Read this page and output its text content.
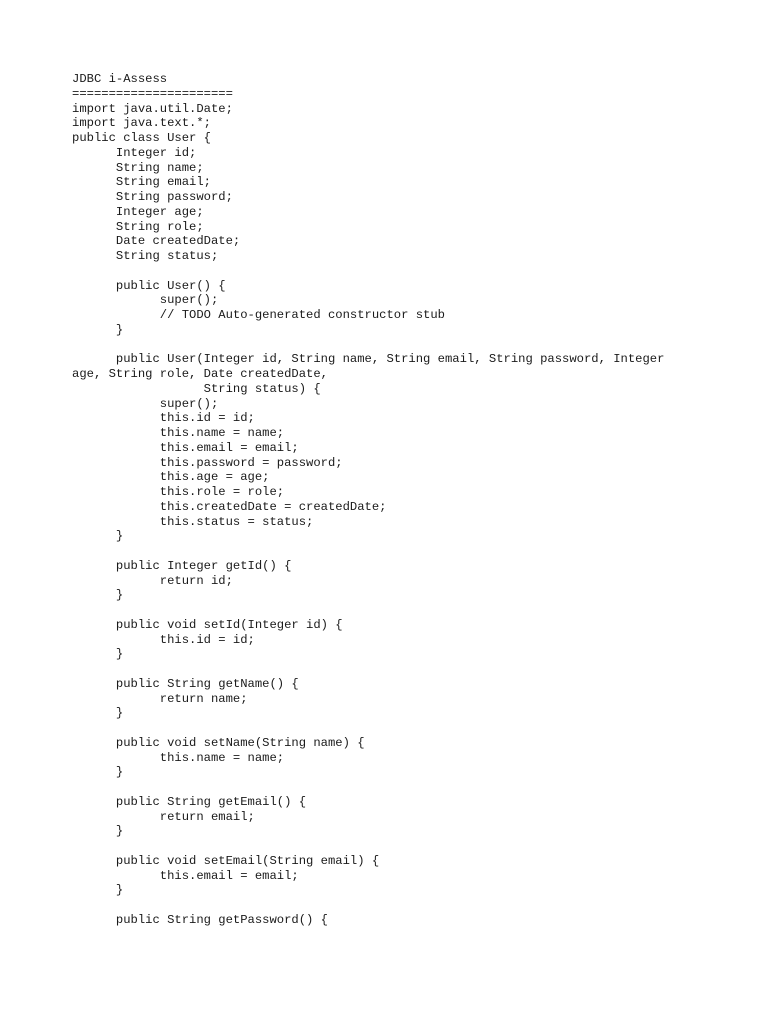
JDBC i-Assess
======================
import java.util.Date;
import java.text.*;
public class User {
Integer id;
String name;
String email;
String password;
Integer age;
String role;
Date createdDate;
String status;
public User() {
super();
// TODO Auto-generated constructor stub
}
public User(Integer id, String name, String email, String password, Integer
age, String role, Date createdDate,
String status) {
super();
this.id = id;
this.name = name;
this.email = email;
this.password = password;
this.age = age;
this.role = role;
this.createdDate = createdDate;
this.status = status;
}
public Integer getId() {
return id;
}
public void setId(Integer id) {
this.id = id;
}
public String getName() {
return name;
}
public void setName(String name) {
this.name = name;
}
public String getEmail() {
return email;
}
public void setEmail(String email) {
this.email = email;
}
public String getPassword() {
